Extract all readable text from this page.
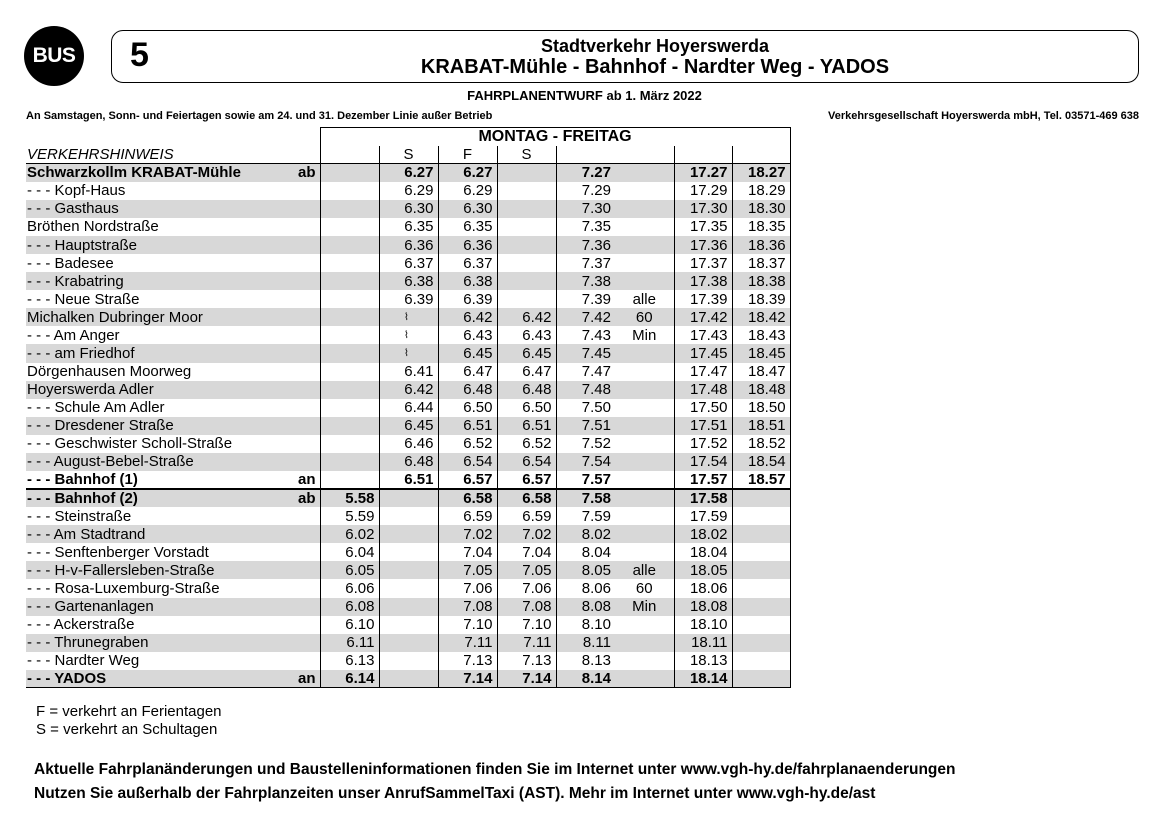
BUS 5	Stadtverkehr Hoyerswerda
KRABAT-Mühle - Bahnhof - Nardter Weg - YADOS
FAHRPLANENTWURF ab 1. März 2022
An Samstagen, Sonn- und Feiertagen sowie am 24. und 31. Dezember Linie außer Betrieb	Verkehrsgesellschaft Hoyerswerda mbH, Tel. 03571-469 638
		MONTAG - FREITAG							
VERKEHRSHINWEIS			S	F	S				
Schwarzkollm KRABAT-Mühle	ab		6.27	6.27		7.27		17.27	18.27
- - - Kopf-Haus			6.29	6.29		7.29		17.29	18.29
- - - Gasthaus			6.30	6.30		7.30		17.30	18.30
Bröthen Nordstraße			6.35	6.35		7.35		17.35	18.35
- - - Hauptstraße			6.36	6.36		7.36		17.36	18.36
- - - Badesee			6.37	6.37		7.37		17.37	18.37
- - - Krabatring			6.38	6.38		7.38		17.38	18.38
- - - Neue Straße			6.39	6.39		7.39	alle	17.39	18.39
Michalken Dubringer Moor			⌇	6.42	6.42	7.42	60	17.42	18.42
- - - Am Anger			⌇	6.43	6.43	7.43	Min	17.43	18.43
- - - am Friedhof			⌇	6.45	6.45	7.45		17.45	18.45
Dörgenhausen Moorweg			6.41	6.47	6.47	7.47		17.47	18.47
Hoyerswerda Adler			6.42	6.48	6.48	7.48		17.48	18.48
- - - Schule Am Adler			6.44	6.50	6.50	7.50		17.50	18.50
- - - Dresdener Straße			6.45	6.51	6.51	7.51		17.51	18.51
- - - Geschwister Scholl-Straße			6.46	6.52	6.52	7.52		17.52	18.52
- - - August-Bebel-Straße			6.48	6.54	6.54	7.54		17.54	18.54
- - - Bahnhof (1)	an		6.51	6.57	6.57	7.57		17.57	18.57
- - - Bahnhof (2)	ab	5.58		6.58	6.58	7.58		17.58	
- - - Steinstraße		5.59		6.59	6.59	7.59		17.59	
- - - Am Stadtrand		6.02		7.02	7.02	8.02		18.02	
- - - Senftenberger Vorstadt		6.04		7.04	7.04	8.04		18.04	
- - - H-v-Fallersleben-Straße		6.05		7.05	7.05	8.05	alle	18.05	
- - - Rosa-Luxemburg-Straße		6.06		7.06	7.06	8.06	60	18.06	
- - - Gartenanlagen		6.08		7.08	7.08	8.08	Min	18.08	
- - - Ackerstraße		6.10		7.10	7.10	8.10		18.10	
- - - Thrunegraben		6.11		7.11	7.11	8.11		18.11	
- - - Nardter Weg		6.13		7.13	7.13	8.13		18.13	
- - - YADOS	an	6.14		7.14	7.14	8.14		18.14	
F = verkehrt an Ferientagen
S = verkehrt an Schultagen
Aktuelle Fahrplanänderungen und Baustelleninformationen finden Sie im Internet unter www.vgh-hy.de/fahrplanaenderungen
Nutzen Sie außerhalb der Fahrplanzeiten unser AnrufSammelTaxi (AST). Mehr im Internet unter www.vgh-hy.de/ast
